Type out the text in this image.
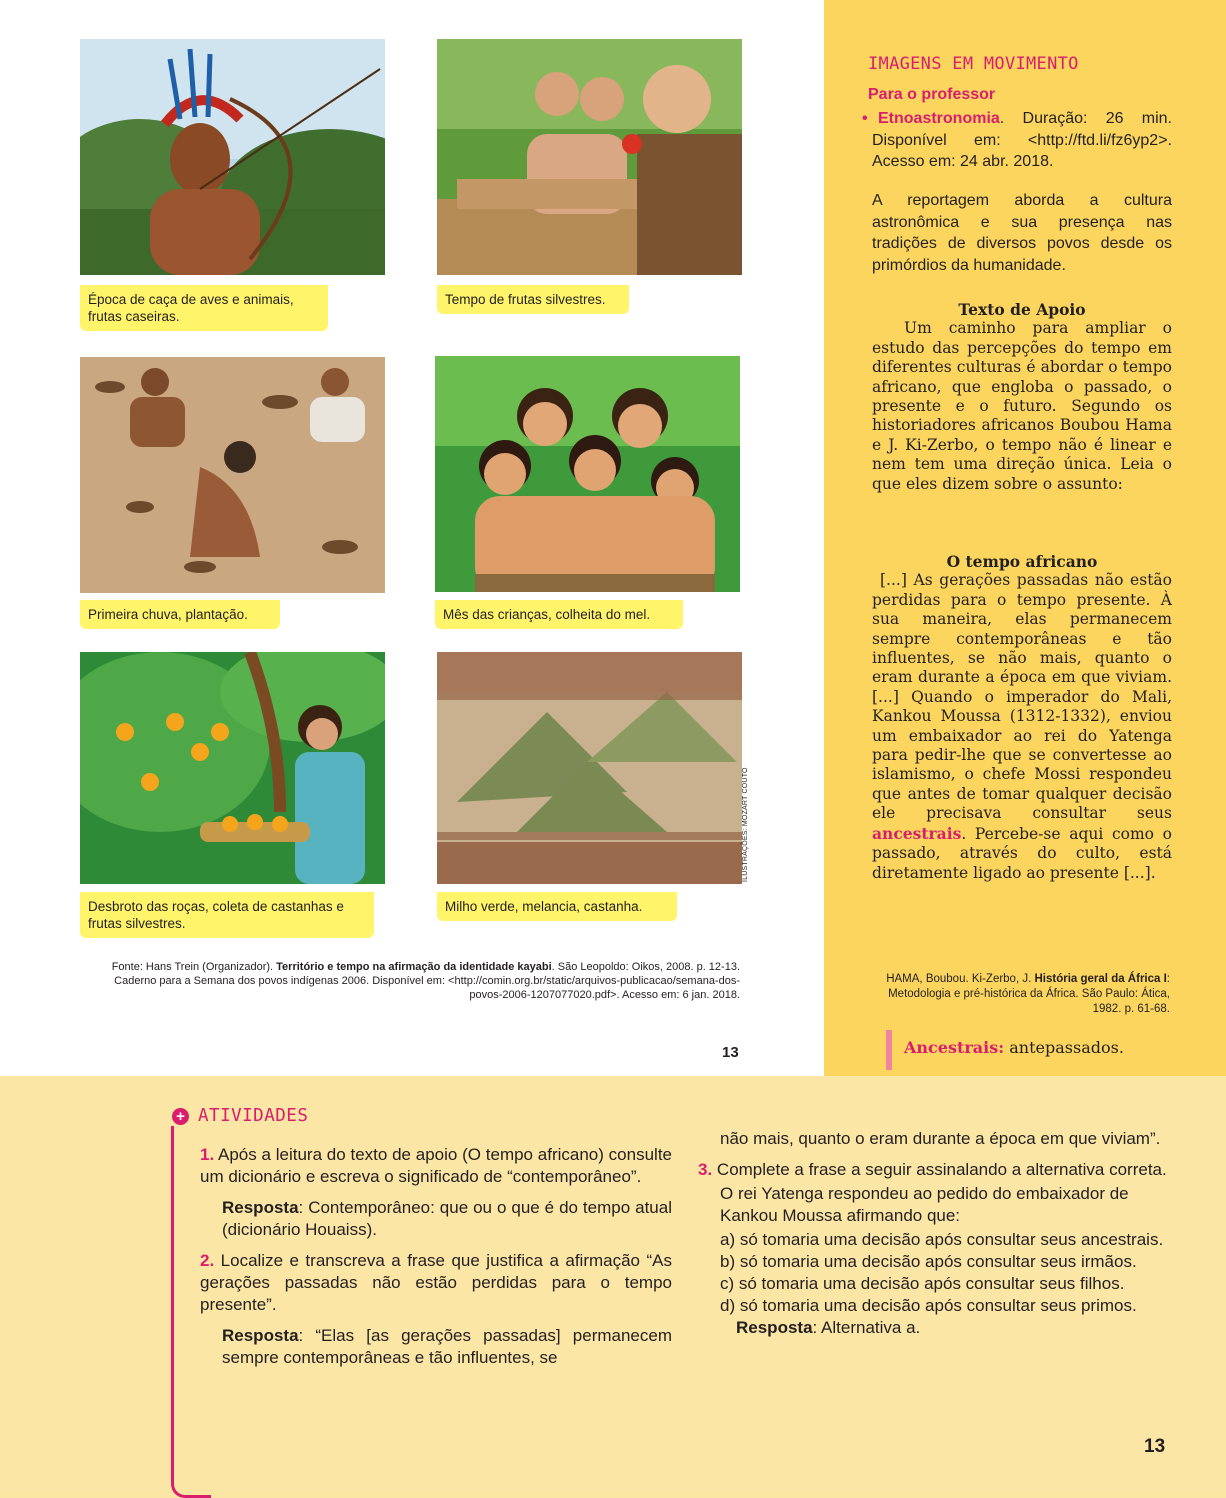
Época de caça de aves e animais, frutas caseiras.
Tempo de frutas silvestres.
Primeira chuva, plantação.	Mês das crianças, colheita do mel.
Desbroto das roças, coleta de castanhas e frutas silvestres.
Milho verde, melancia, castanha.
ILUSTRAÇÕES: MOZART COUTO
Fonte: Hans Trein (Organizador). Território e tempo na afirmação da identidade kayabi. São Leopoldo: Oikos, 2008. p. 12-13. Caderno para a Semana dos povos indígenas 2006. Disponível em: <http://comin.org.br/static/arquivos-publicacao/semana-dos-povos-2006-1207077020.pdf>. Acesso em: 6 jan. 2018.
13
IMAGENS EM MOVIMENTO
Para o professor
• Etnoastronomia. Duração: 26 min. Disponível em: <http://ftd.li/fz6yp2>. Acesso em: 24 abr. 2018.
A reportagem aborda a cultura astronômica e sua presença nas tradições de diversos povos desde os primórdios da humanidade.
Texto de Apoio
Um caminho para ampliar o estudo das percepções do tempo em diferentes culturas é abordar o tempo africano, que engloba o passado, o presente e o futuro. Segundo os historiadores africanos Boubou Hama e J. Ki-Zerbo, o tempo não é linear e nem tem uma direção única. Leia o que eles dizem sobre o assunto:
O tempo africano
[...] As gerações passadas não estão perdidas para o tempo presente. À sua maneira, elas permanecem sempre contemporâneas e tão influentes, se não mais, quanto o eram durante a época em que viviam. [...] Quando o imperador do Mali, Kankou Moussa (1312-1332), enviou um embaixador ao rei do Yatenga para pedir-lhe que se convertesse ao islamismo, o chefe Mossi respondeu que antes de tomar qualquer decisão ele precisava consultar seus ancestrais. Percebe-se aqui como o passado, através do culto, está diretamente ligado ao presente [...].
HAMA, Boubou. Ki-Zerbo, J. História geral da África I: Metodologia e pré-histórica da África. São Paulo: Ática, 1982. p. 61-68.
Ancestrais: antepassados.
+ ATIVIDADES

1. Após a leitura do texto de apoio (O tempo africano) consulte um dicionário e escreva o significado de “contemporâneo”.

Resposta: Contemporâneo: que ou o que é do tempo atual (dicionário Houaiss).

2. Localize e transcreva a frase que justifica a afirmação “As gerações passadas não estão perdidas para o tempo presente”.

Resposta: “Elas [as gerações passadas] permanecem sempre contemporâneas e tão influentes, se

não mais, quanto o eram durante a época em que viviam”.

3. Complete a frase a seguir assinalando a alternativa correta.

O rei Yatenga respondeu ao pedido do embaixador de Kankou Moussa afirmando que:

a) só tomaria uma decisão após consultar seus ancestrais.
b) só tomaria uma decisão após consultar seus irmãos.
c) só tomaria uma decisão após consultar seus filhos.
d) só tomaria uma decisão após consultar seus primos.

Resposta: Alternativa a.

13
